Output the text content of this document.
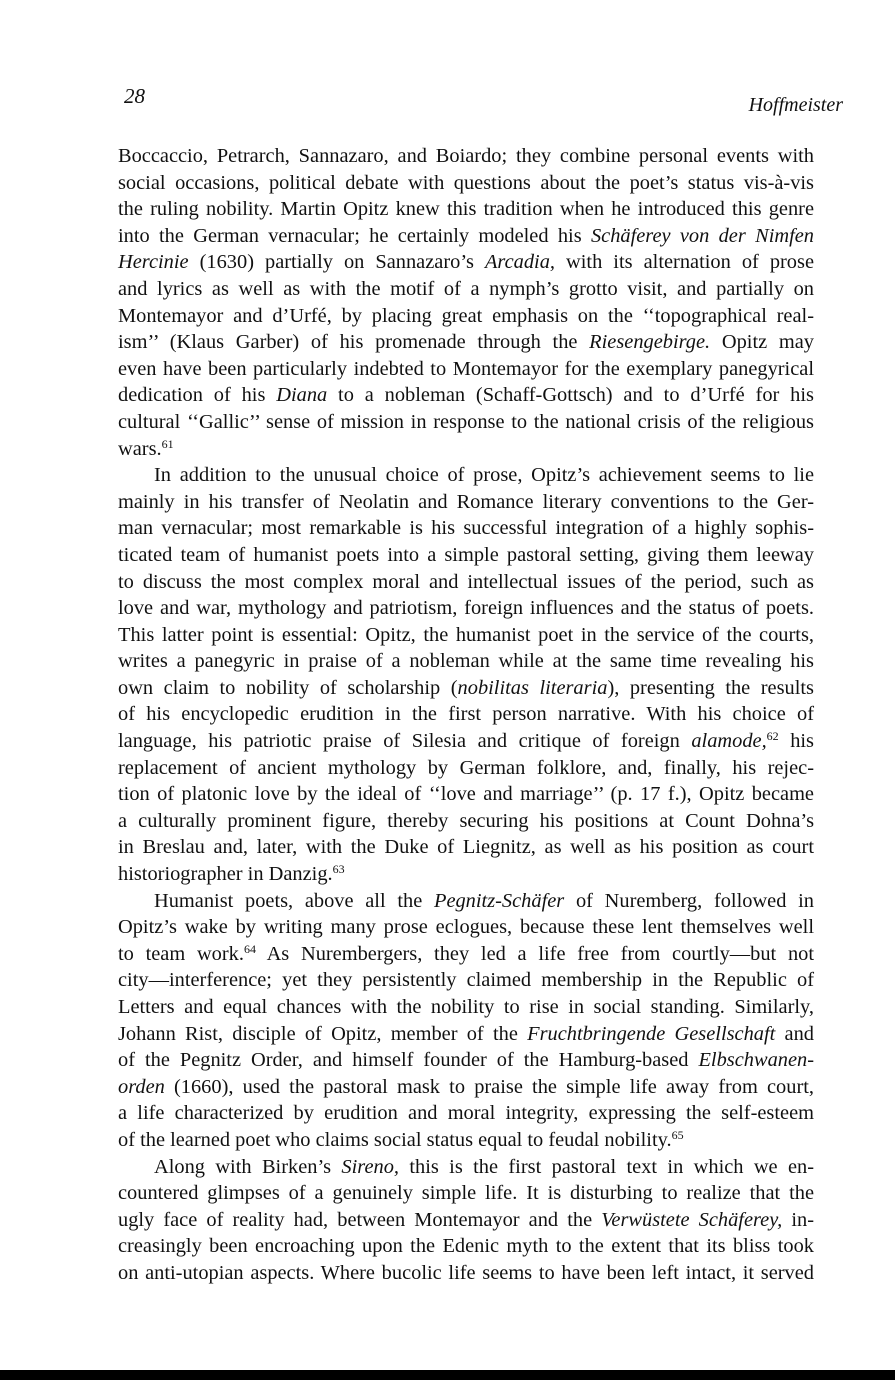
28	Hoffmeister
Boccaccio, Petrarch, Sannazaro, and Boiardo; they combine personal events with
social occasions, political debate with questions about the poet’s status vis-à-vis
the ruling nobility. Martin Opitz knew this tradition when he introduced this genre
into the German vernacular; he certainly modeled his Schäferey von der Nimfen
Hercinie (1630) partially on Sannazaro’s Arcadia, with its alternation of prose
and lyrics as well as with the motif of a nymph’s grotto visit, and partially on
Montemayor and d’Urfé, by placing great emphasis on the ‘‘topographical real-
ism’’ (Klaus Garber) of his promenade through the Riesengebirge. Opitz may
even have been particularly indebted to Montemayor for the exemplary panegyrical
dedication of his Diana to a nobleman (Schaff-Gottsch) and to d’Urfé for his
cultural ‘‘Gallic’’ sense of mission in response to the national crisis of the religious
wars.$^{61}$
In addition to the unusual choice of prose, Opitz’s achievement seems to lie
mainly in his transfer of Neolatin and Romance literary conventions to the Ger-
man vernacular; most remarkable is his successful integration of a highly sophis-
ticated team of humanist poets into a simple pastoral setting, giving them leeway
to discuss the most complex moral and intellectual issues of the period, such as
love and war, mythology and patriotism, foreign influences and the status of poets.
This latter point is essential: Opitz, the humanist poet in the service of the courts,
writes a panegyric in praise of a nobleman while at the same time revealing his
own claim to nobility of scholarship (nobilitas literaria), presenting the results
of his encyclopedic erudition in the first person narrative. With his choice of
language, his patriotic praise of Silesia and critique of foreign alamode,$^{62}$ his
replacement of ancient mythology by German folklore, and, finally, his rejec-
tion of platonic love by the ideal of ‘‘love and marriage’’ (p. 17 f.), Opitz became
a culturally prominent figure, thereby securing his positions at Count Dohna’s
in Breslau and, later, with the Duke of Liegnitz, as well as his position as court
historiographer in Danzig.$^{63}$
Humanist poets, above all the Pegnitz-Schäfer of Nuremberg, followed in
Opitz’s wake by writing many prose eclogues, because these lent themselves well
to team work.$^{64}$ As Nurembergers, they led a life free from courtly—but not
city—interference; yet they persistently claimed membership in the Republic of
Letters and equal chances with the nobility to rise in social standing. Similarly,
Johann Rist, disciple of Opitz, member of the Fruchtbringende Gesellschaft and
of the Pegnitz Order, and himself founder of the Hamburg-based Elbschwanen-
orden (1660), used the pastoral mask to praise the simple life away from court,
a life characterized by erudition and moral integrity, expressing the self-esteem
of the learned poet who claims social status equal to feudal nobility.$^{65}$
Along with Birken’s Sireno, this is the first pastoral text in which we en-
countered glimpses of a genuinely simple life. It is disturbing to realize that the
ugly face of reality had, between Montemayor and the Verwüstete Schäferey, in-
creasingly been encroaching upon the Edenic myth to the extent that its bliss took
on anti-utopian aspects. Where bucolic life seems to have been left intact, it served
